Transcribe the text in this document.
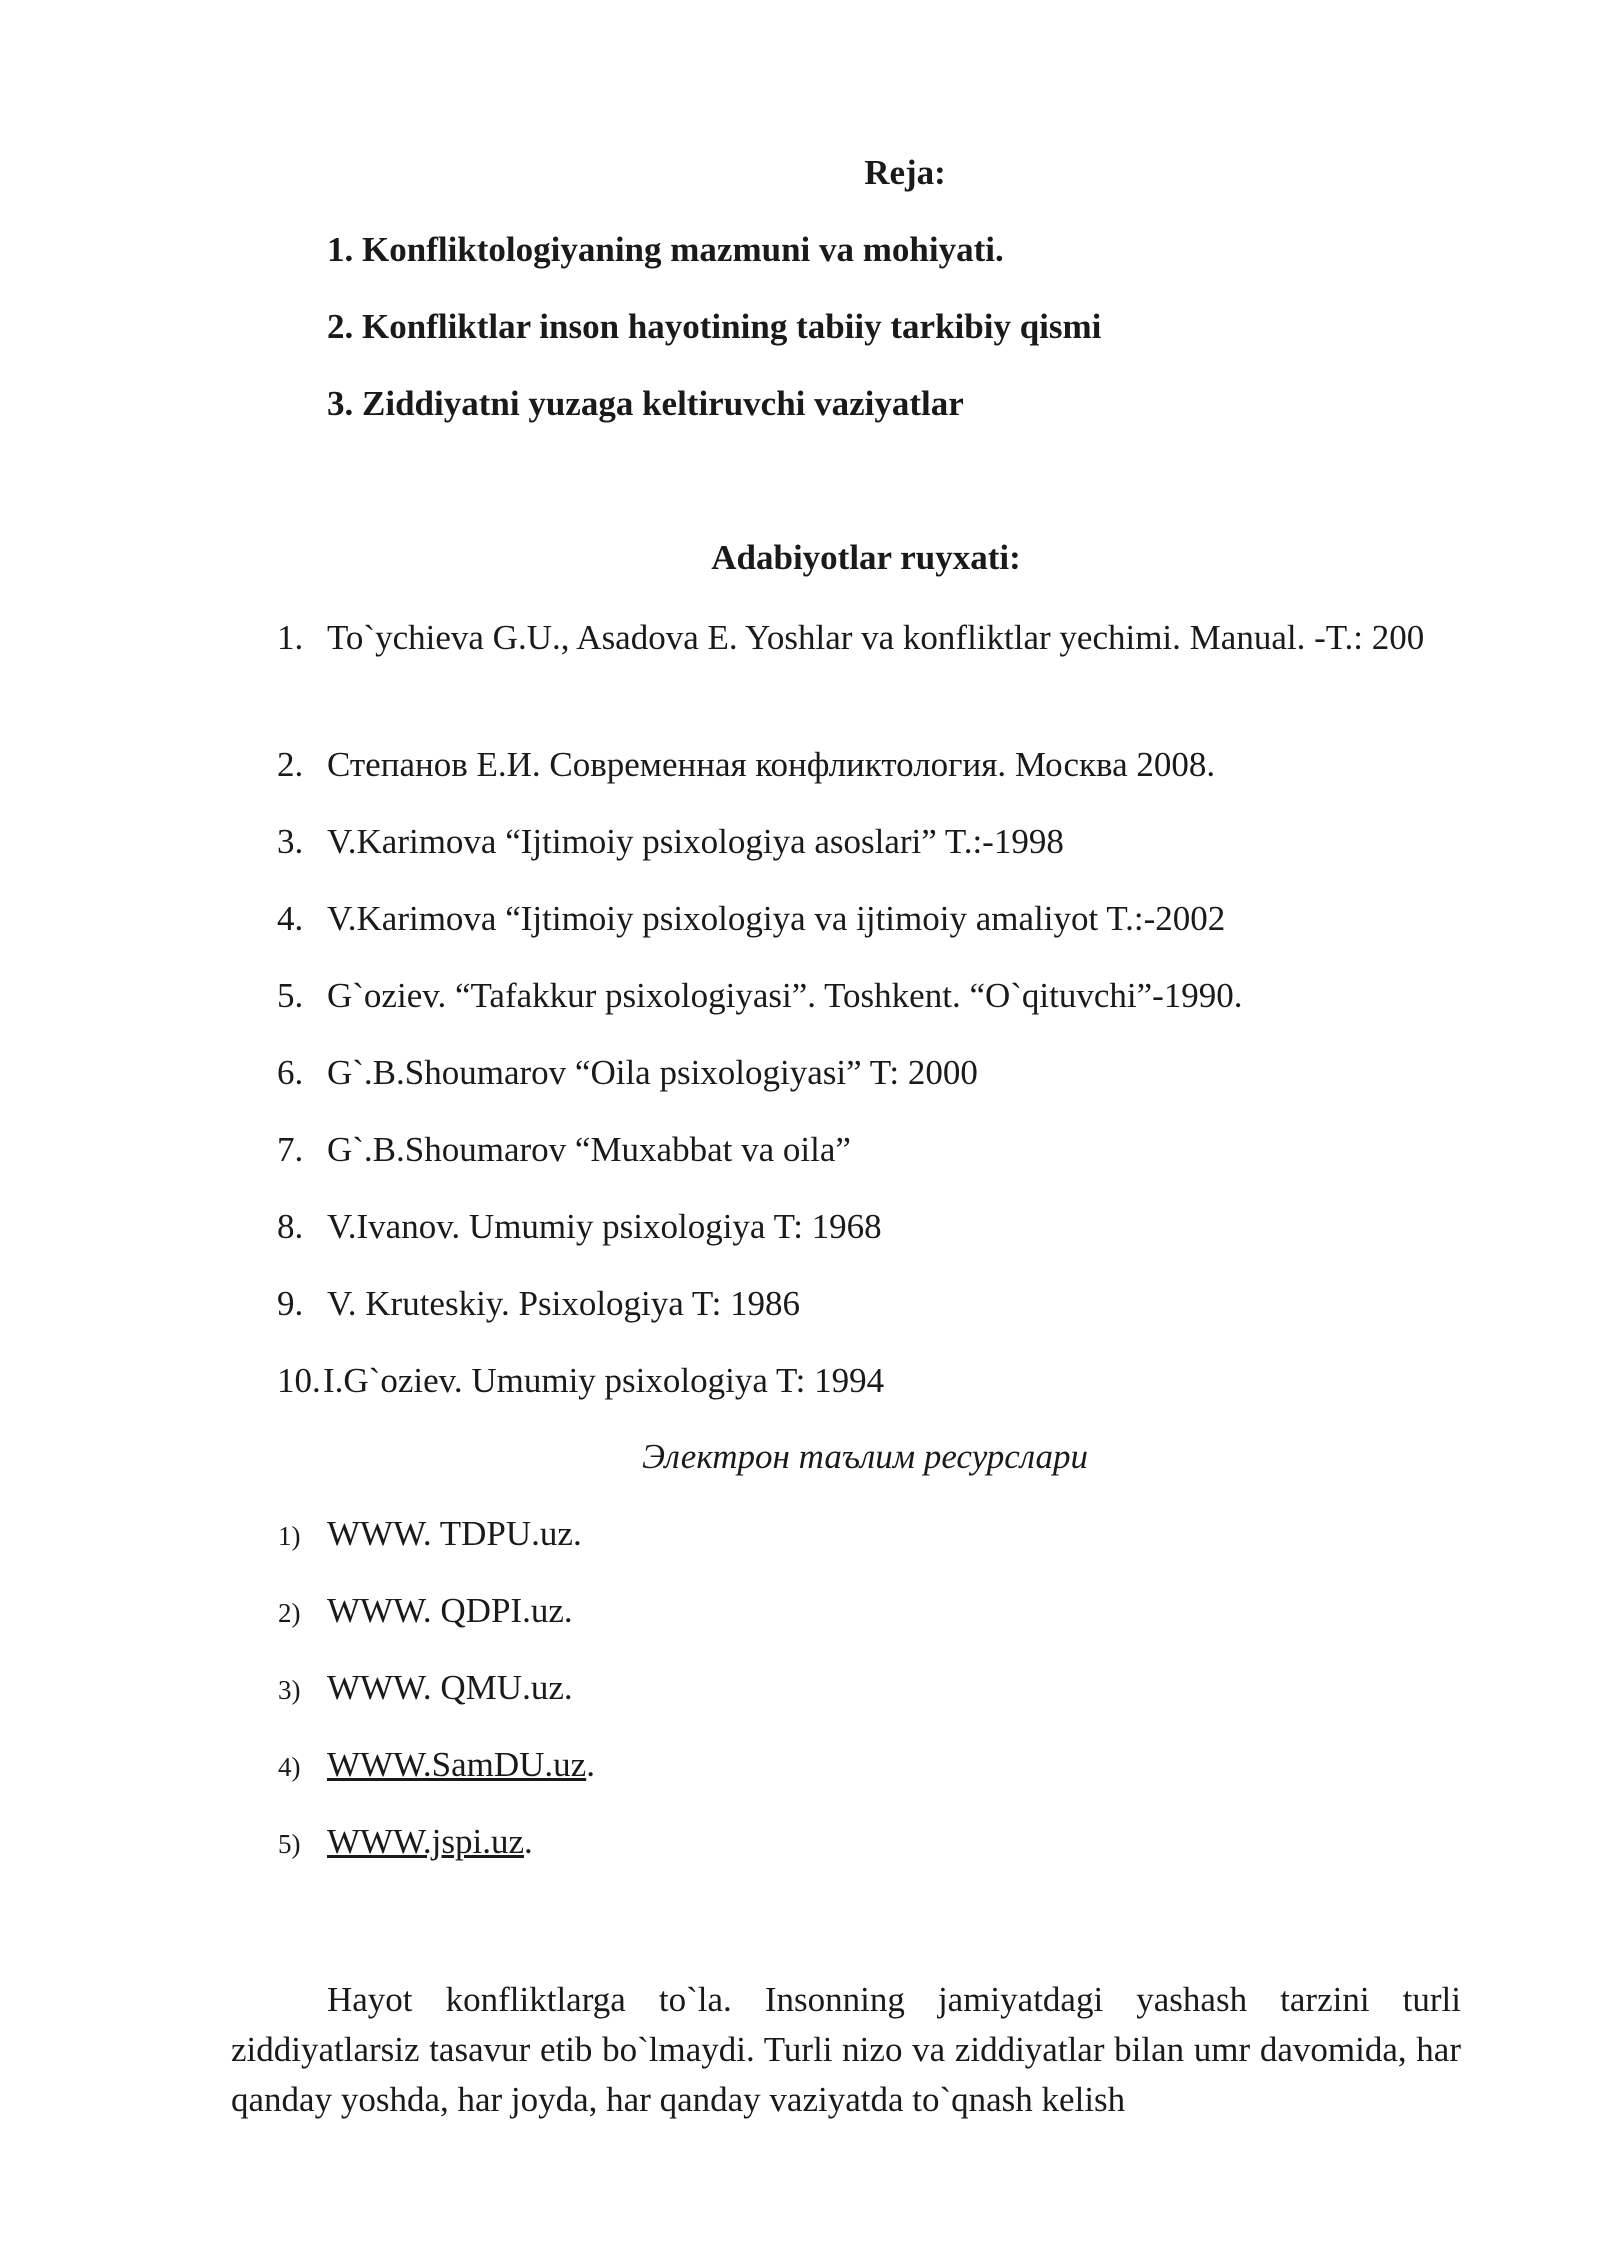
Reja:
1. Konfliktologiyaning mazmuni va mohiyati.
2. Konfliktlar inson hayotining tabiiy tarkibiy qismi
3. Ziddiyatni yuzaga keltiruvchi vaziyatlar
Adabiyotlar ruyxati:
1. To`ychieva G.U., Asadova E. Yoshlar va konfliktlar yechimi. Manual. -T.: 200
2. Степанов Е.И. Современная конфликтология. Москва 2008.
3. V.Karimova “Ijtimoiy psixologiya asoslari” T.:-1998
4. V.Karimova “Ijtimoiy psixologiya va ijtimoiy amaliyot T.:-2002
5. G`oziev. “Tafakkur psixologiyasi”. Toshkent. “O`qituvchi”-1990.
6. G`.B.Shoumarov “Oila psixologiyasi” T: 2000
7. G`.B.Shoumarov “Muxabbat va oila”
8. V.Ivanov. Umumiy psixologiya T: 1968
9. V. Kruteskiy. Psixologiya T: 1986
10. I.G`oziev. Umumiy psixologiya T: 1994
Электрон таълим ресурслари
1) WWW. TDPU.uz.
2) WWW. QDPI.uz.
3) WWW. QMU.uz.
4) WWW.SamDU.uz.
5) WWW.jspi.uz.
Hayot konfliktlarga to`la. Insonning jamiyatdagi yashash tarzini turli ziddiyatlarsiz tasavur etib bo`lmaydi. Turli nizo va ziddiyatlar bilan umr davomida, har qanday yoshda, har joyda, har qanday vaziyatda to`qnash kelish
